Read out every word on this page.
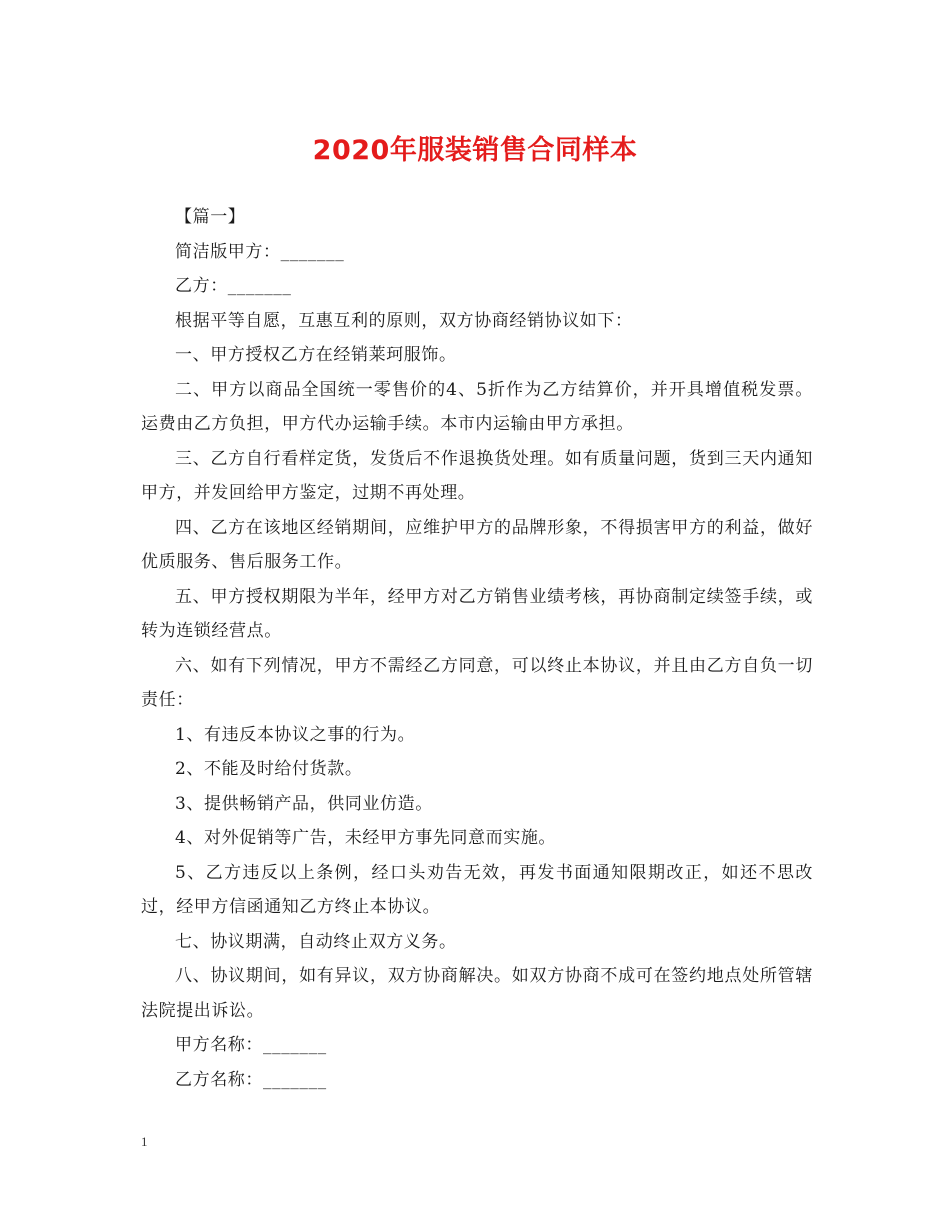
2020年服装销售合同样本

【篇一】

简洁版甲方：_______

乙方：_______

根据平等自愿，互惠互利的原则，双方协商经销协议如下：

一、甲方授权乙方在经销莱珂服饰。

二、甲方以商品全国统一零售价的4、5折作为乙方结算价，并开具增值税发票。运费由乙方负担，甲方代办运输手续。本市内运输由甲方承担。

三、乙方自行看样定货，发货后不作退换货处理。如有质量问题，货到三天内通知甲方，并发回给甲方鉴定，过期不再处理。

四、乙方在该地区经销期间，应维护甲方的品牌形象，不得损害甲方的利益，做好优质服务、售后服务工作。

五、甲方授权期限为半年，经甲方对乙方销售业绩考核，再协商制定续签手续，或转为连锁经营点。

六、如有下列情况，甲方不需经乙方同意，可以终止本协议，并且由乙方自负一切责任：

1、有违反本协议之事的行为。

2、不能及时给付货款。

3、提供畅销产品，供同业仿造。

4、对外促销等广告，未经甲方事先同意而实施。

5、乙方违反以上条例，经口头劝告无效，再发书面通知限期改正，如还不思改过，经甲方信函通知乙方终止本协议。

七、协议期满，自动终止双方义务。

八、协议期间，如有异议，双方协商解决。如双方协商不成可在签约地点处所管辖法院提出诉讼。

甲方名称：_______

乙方名称：_______

1
